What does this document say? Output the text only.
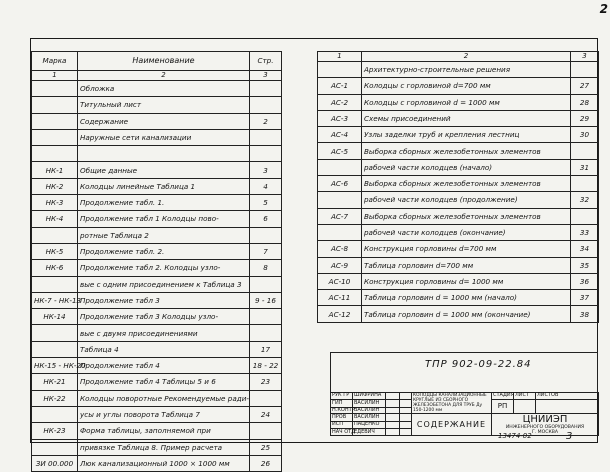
2
Марка	Наименование	Стр.
1	2	3
	Обложка	
	Титульный лист	
	Содержание	2
	Наружные сети канализации	

НК-1	Общие данные	3
НК-2	Колодцы линейные Таблица 1	4
НК-3	Продолжение табл. 1.	5
НК-4	Продолжение табл 1 Колодцы пово-	6
	ротные Таблица 2	
НК-5	Продолжение табл. 2.	7
НК-6	Продолжение табл 2. Колодцы узло-	8
	вые с одним присоединением к Таблица 3	
НК-7 - НК-13	Продолжение табл 3	9 - 16
НК-14	Продолжение табл 3 Колодцы узло-	
	вые с двумя присоединениями	
	Таблица 4	17
НК-15 - НК-20	Продолжение табл 4	18 - 22
НК-21	Продолжение табл 4 Таблицы 5 и 6	23
НК-22	Колодцы поворотные Рекомендуемые ради-	
	усы и углы поворота Таблица 7	24
НК-23	Форма таблицы, заполняемой при	
	привязке Таблица 8. Пример расчета	25
ЗИ 00.000	Люк канализационный 1000 × 1000 мм	26
1	2	3
	Архитектурно-строительные решения	
АС-1	Колодцы с горловиной d=700 мм	27
АС-2	Колодцы с горловиной d = 1000 мм	28
АС-3	Схемы присоединений	29
АС-4	Узлы заделки труб и крепления лестниц	30
АС-5	Выборка сборных железобетонных элементов	
	рабочей части колодцев (начало)	31
АС-6	Выборка сборных железобетонных элементов	
	рабочей части колодцев (продолжение)	32
АС-7	Выборка сборных железобетонных элементов	
	рабочей части колодцев (окончание)	33
АС-8	Конструкция горловины d=700 мм	34
АС-9	Таблица горловин d=700 мм	35
АС-10	Конструкция горловины d= 1000 мм	36
АС-11	Таблица горловин d = 1000 мм (начало)	37
АС-12	Таблица горловин d = 1000 мм (окончание)	38
ТПР 902-09-22.84
РУК ГР	ШИФРИНА			КОЛОДЦЫ КАНАЛИЗАЦИОННЫЕ КРУГЛЫЕ ИЗ СБОРНОГО ЖЕЛЕЗОБЕТОНА ДЛЯ ТРУБ Ду 150-1200 мм	СТАДИЯ	ЛИСТ	ЛИСТОВ
ГИП	ВАСИЛИН				РП		
Н.КОНТР	ВАСИЛИН						
ПРОВ	ВАСИЛИН			СОДЕРЖАНИЕ	ЦНИИЭП
ИНЖЕНЕРНОГО ОБОРУДОВАНИЯ
Г. МОСКВА		

ИСП	ПАЦЕНКО						
НАЧ ОТД	ЕДЕВИЧ						
13474-02	3
